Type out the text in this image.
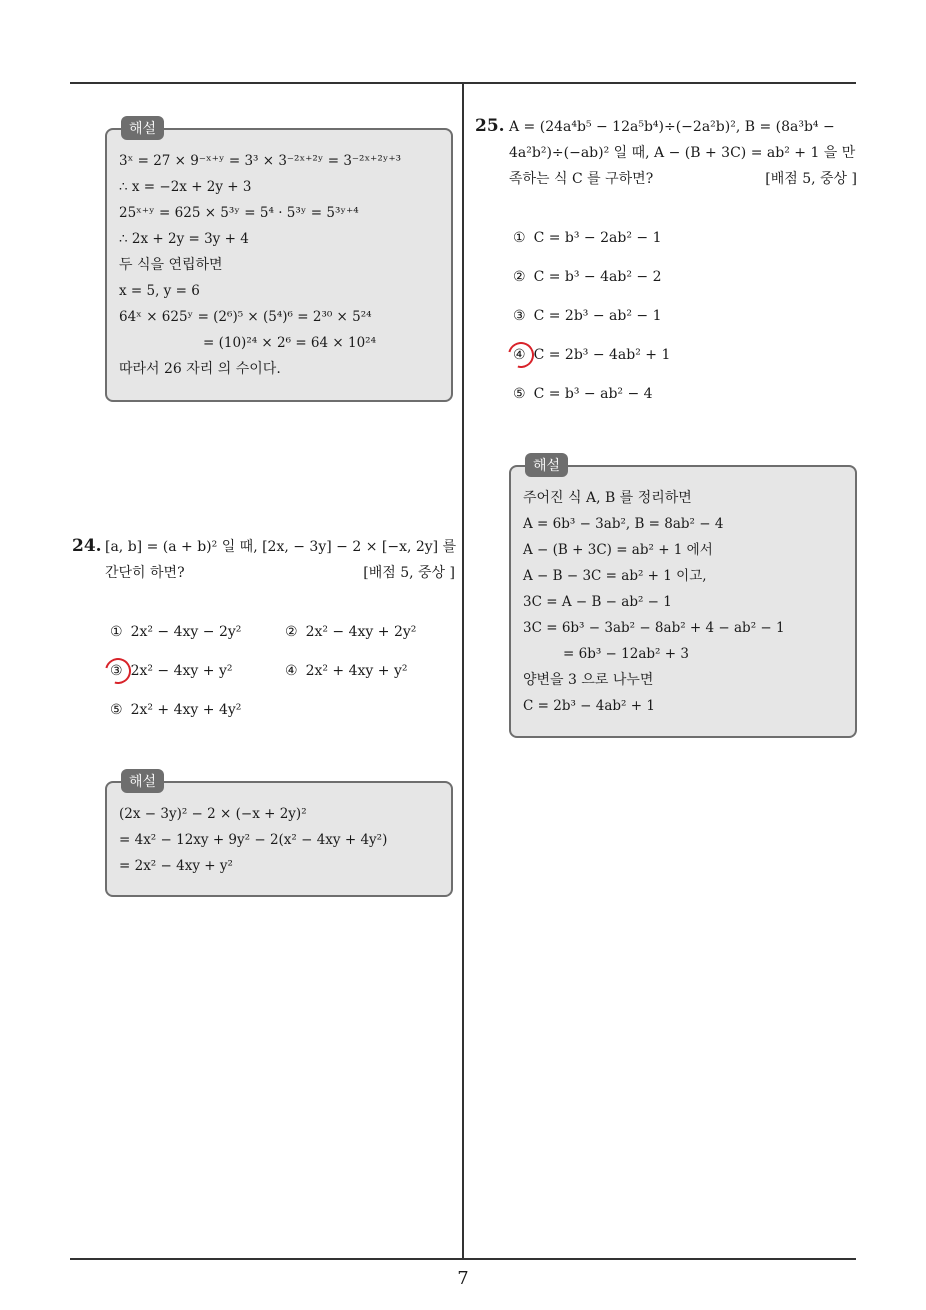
해설
3ˣ = 27 × 9⁻ˣ⁺ʸ = 3³ × 3⁻²ˣ⁺²ʸ = 3⁻²ˣ⁺²ʸ⁺³
∴ x = −2x + 2y + 3
25ˣ⁺ʸ = 625 × 5³ʸ = 5⁴ · 5³ʸ = 5³ʸ⁺⁴
∴ 2x + 2y = 3y + 4
두 식을 연립하면
x = 5, y = 6
64ˣ × 625ʸ = (2⁶)⁵ × (5⁴)⁶ = 2³⁰ × 5²⁴
= (10)²⁴ × 2⁶ = 64 × 10²⁴
따라서 26 자리 의 수이다.
24. [a, b] = (a + b)² 일 때, [2x, − 3y] − 2 × [−x, 2y] 를
간단히 하면?	[배점 5, 중상 ]
① 2x² − 4xy − 2y²	② 2x² − 4xy + 2y²
③ 2x² − 4xy + y²	④ 2x² + 4xy + y²
⑤ 2x² + 4xy + 4y²
해설
(2x − 3y)² − 2 × (−x + 2y)²
= 4x² − 12xy + 9y² − 2(x² − 4xy + 4y²)
= 2x² − 4xy + y²
25. A = (24a⁴b⁵ − 12a⁵b⁴)÷(−2a²b)², B = (8a³b⁴ −
4a²b²)÷(−ab)² 일 때, A − (B + 3C) = ab² + 1 을 만
족하는 식 C 를 구하면?	[배점 5, 중상 ]
① C = b³ − 2ab² − 1
② C = b³ − 4ab² − 2
③ C = 2b³ − ab² − 1
④ C = 2b³ − 4ab² + 1
⑤ C = b³ − ab² − 4
해설
주어진 식 A, B 를 정리하면
A = 6b³ − 3ab², B = 8ab² − 4
A − (B + 3C) = ab² + 1 에서
A − B − 3C = ab² + 1 이고,
3C = A − B − ab² − 1
3C = 6b³ − 3ab² − 8ab² + 4 − ab² − 1
= 6b³ − 12ab² + 3
양변을 3 으로 나누면
C = 2b³ − 4ab² + 1
7
